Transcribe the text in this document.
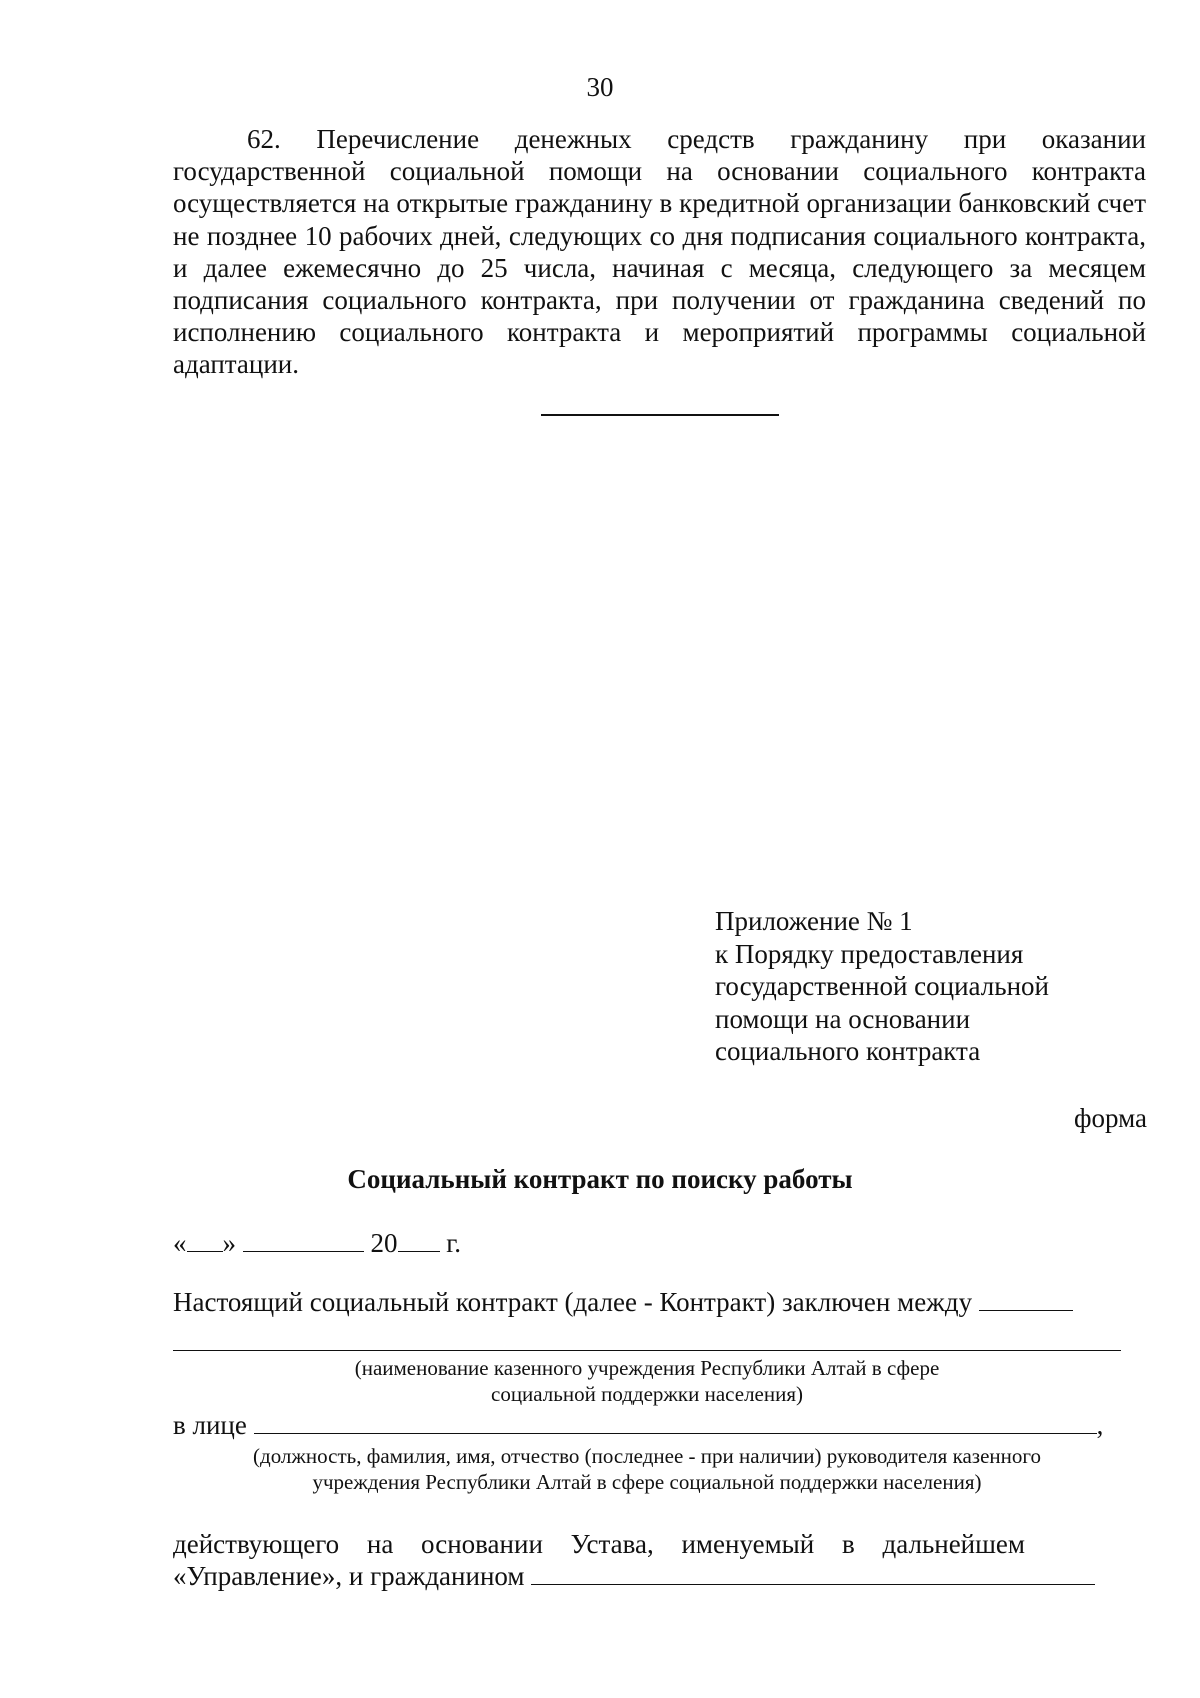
30

62. Перечисление денежных средств гражданину при оказании государственной социальной помощи на основании социального контракта осуществляется на открытые гражданину в кредитной организации банковский счет не позднее 10 рабочих дней, следующих со дня подписания социального контракта, и далее ежемесячно до 25 числа, начиная с месяца, следующего за месяцем подписания социального контракта, при получении от гражданина сведений по исполнению социального контракта и мероприятий программы социальной адаптации.

Приложение № 1
к Порядку предоставления
государственной социальной
помощи на основании
социального контракта
форма
Социальный контракт по поиску работы
« »	20 г.
Настоящий социальный контракт (далее - Контракт) заключен между
(наименование казенного учреждения Республики Алтай в сфере
социальной поддержки населения)
в лице	,
(должность, фамилия, имя, отчество (последнее - при наличии) руководителя казенного
учреждения Республики Алтай в сфере социальной поддержки населения)
действующего на основании Устава, именуемый в дальнейшем
«Управление», и гражданином
